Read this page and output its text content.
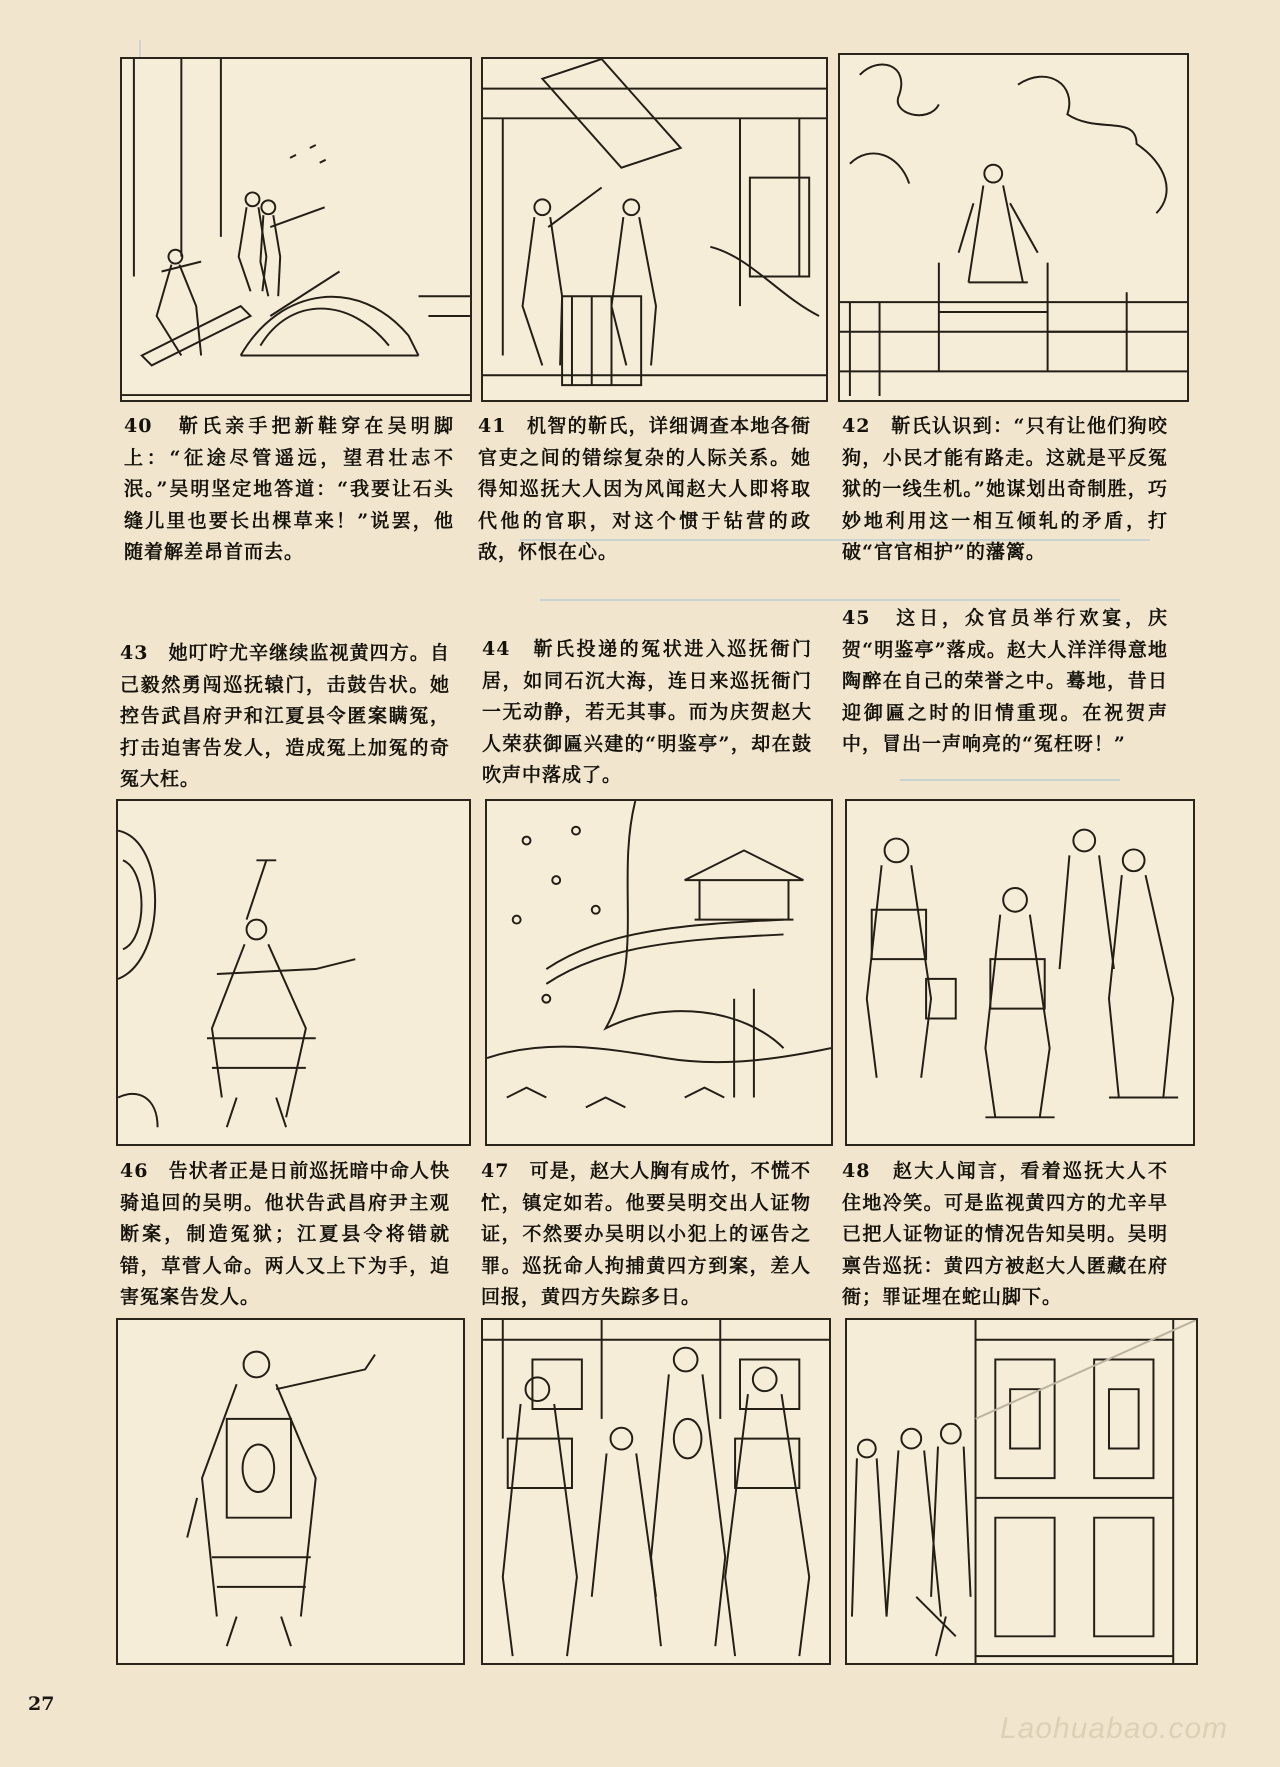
40　靳氏亲手把新鞋穿在吴明脚上：“征途尽管遥远，望君壮志不泯。”吴明坚定地答道：“我要让石头缝儿里也要长出棵草来！”说罢，他随着解差昂首而去。
41　机智的靳氏，详细调查本地各衙官吏之间的错综复杂的人际关系。她得知巡抚大人因为风闻赵大人即将取代他的官职，对这个惯于钻营的政敌，怀恨在心。
42　靳氏认识到：“只有让他们狗咬狗，小民才能有路走。这就是平反冤狱的一线生机。”她谋划出奇制胜，巧妙地利用这一相互倾轧的矛盾，打破“官官相护”的藩篱。
43　她叮咛尤辛继续监视黄四方。自己毅然勇闯巡抚辕门，击鼓告状。她控告武昌府尹和江夏县令匿案瞒冤，打击迫害告发人，造成冤上加冤的奇冤大枉。
44　靳氏投递的冤状进入巡抚衙门居，如同石沉大海，连日来巡抚衙门一无动静，若无其事。而为庆贺赵大人荣获御匾兴建的“明鉴亭”，却在鼓吹声中落成了。
45　这日，众官员举行欢宴，庆贺“明鉴亭”落成。赵大人洋洋得意地陶醉在自己的荣誉之中。蓦地，昔日迎御匾之时的旧情重现。在祝贺声中，冒出一声响亮的“冤枉呀！”
46　告状者正是日前巡抚暗中命人快骑追回的吴明。他状告武昌府尹主观断案，制造冤狱；江夏县令将错就错，草菅人命。两人又上下为手，迫害冤案告发人。
47　可是，赵大人胸有成竹，不慌不忙，镇定如若。他要吴明交出人证物证，不然要办吴明以小犯上的诬告之罪。巡抚命人拘捕黄四方到案，差人回报，黄四方失踪多日。
48　赵大人闻言，看着巡抚大人不住地冷笑。可是监视黄四方的尤辛早已把人证物证的情况告知吴明。吴明禀告巡抚：黄四方被赵大人匿藏在府衙；罪证埋在蛇山脚下。
27
Laohuabao.com
